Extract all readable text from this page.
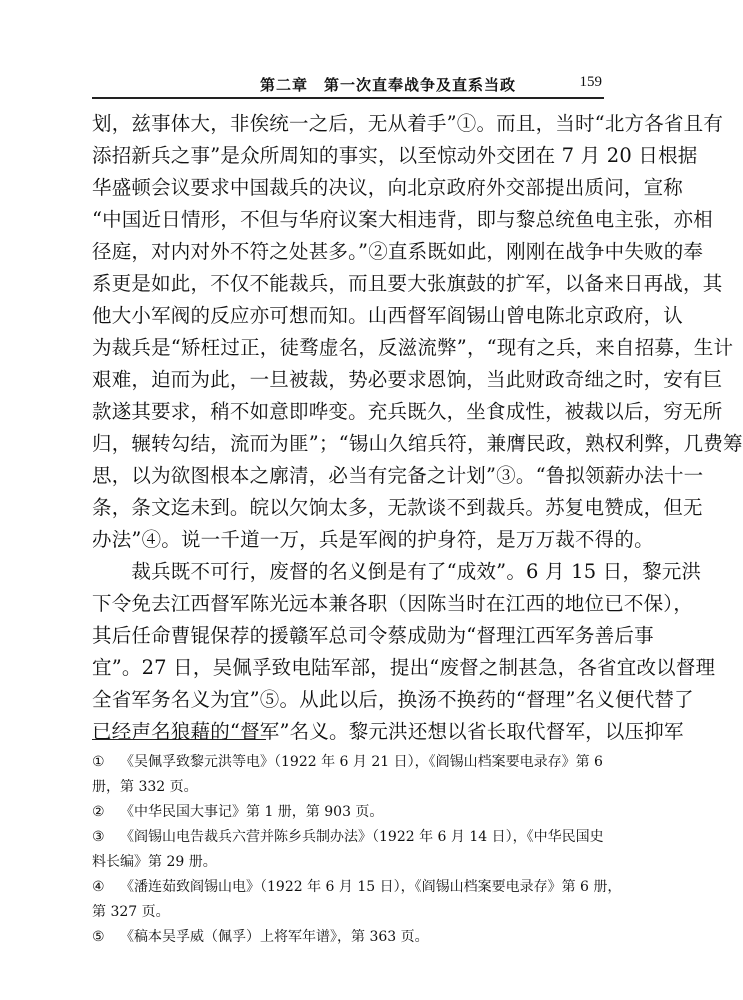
第二章　第一次直奉战争及直系当政	159
划，兹事体大，非俟统一之后，无从着手”①。而且，当时“北方各省且有
添招新兵之事”是众所周知的事实，以至惊动外交团在 7 月 20 日根据
华盛顿会议要求中国裁兵的决议，向北京政府外交部提出质问，宣称
“中国近日情形，不但与华府议案大相违背，即与黎总统鱼电主张，亦相
径庭，对内对外不符之处甚多。”②直系既如此，刚刚在战争中失败的奉
系更是如此，不仅不能裁兵，而且要大张旗鼓的扩军，以备来日再战，其
他大小军阀的反应亦可想而知。山西督军阎锡山曾电陈北京政府，认
为裁兵是“矫枉过正，徒骛虚名，反滋流弊”，“现有之兵，来自招募，生计
艰难，迫而为此，一旦被裁，势必要求恩饷，当此财政奇绌之时，安有巨
款遂其要求，稍不如意即哗变。充兵既久，坐食成性，被裁以后，穷无所
归，辗转勾结，流而为匪”；“锡山久绾兵符，兼膺民政，熟权利弊，几费筹
思，以为欲图根本之廓清，必当有完备之计划”③。“鲁拟领薪办法十一
条，条文迄未到。皖以欠饷太多，无款谈不到裁兵。苏复电赞成，但无
办法”④。说一千道一万，兵是军阀的护身符，是万万裁不得的。
　　裁兵既不可行，废督的名义倒是有了“成效”。6 月 15 日，黎元洪
下令免去江西督军陈光远本兼各职（因陈当时在江西的地位已不保），
其后任命曹锟保荐的援赣军总司令蔡成勋为“督理江西军务善后事
宜”。27 日，吴佩孚致电陆军部，提出“废督之制甚急，各省宜改以督理
全省军务名义为宜”⑤。从此以后，换汤不换药的“督理”名义便代替了
已经声名狼藉的“督军”名义。黎元洪还想以省长取代督军，以压抑军
① 《吴佩孚致黎元洪等电》（1922 年 6 月 21 日），《阎锡山档案要电录存》第 6
册，第 332 页。
② 《中华民国大事记》第 1 册，第 903 页。
③ 《阎锡山电告裁兵六营并陈乡兵制办法》（1922 年 6 月 14 日），《中华民国史
料长编》第 29 册。
④ 《潘连茹致阎锡山电》（1922 年 6 月 15 日），《阎锡山档案要电录存》第 6 册，
第 327 页。
⑤ 《稿本吴孚威（佩孚）上将军年谱》，第 363 页。
